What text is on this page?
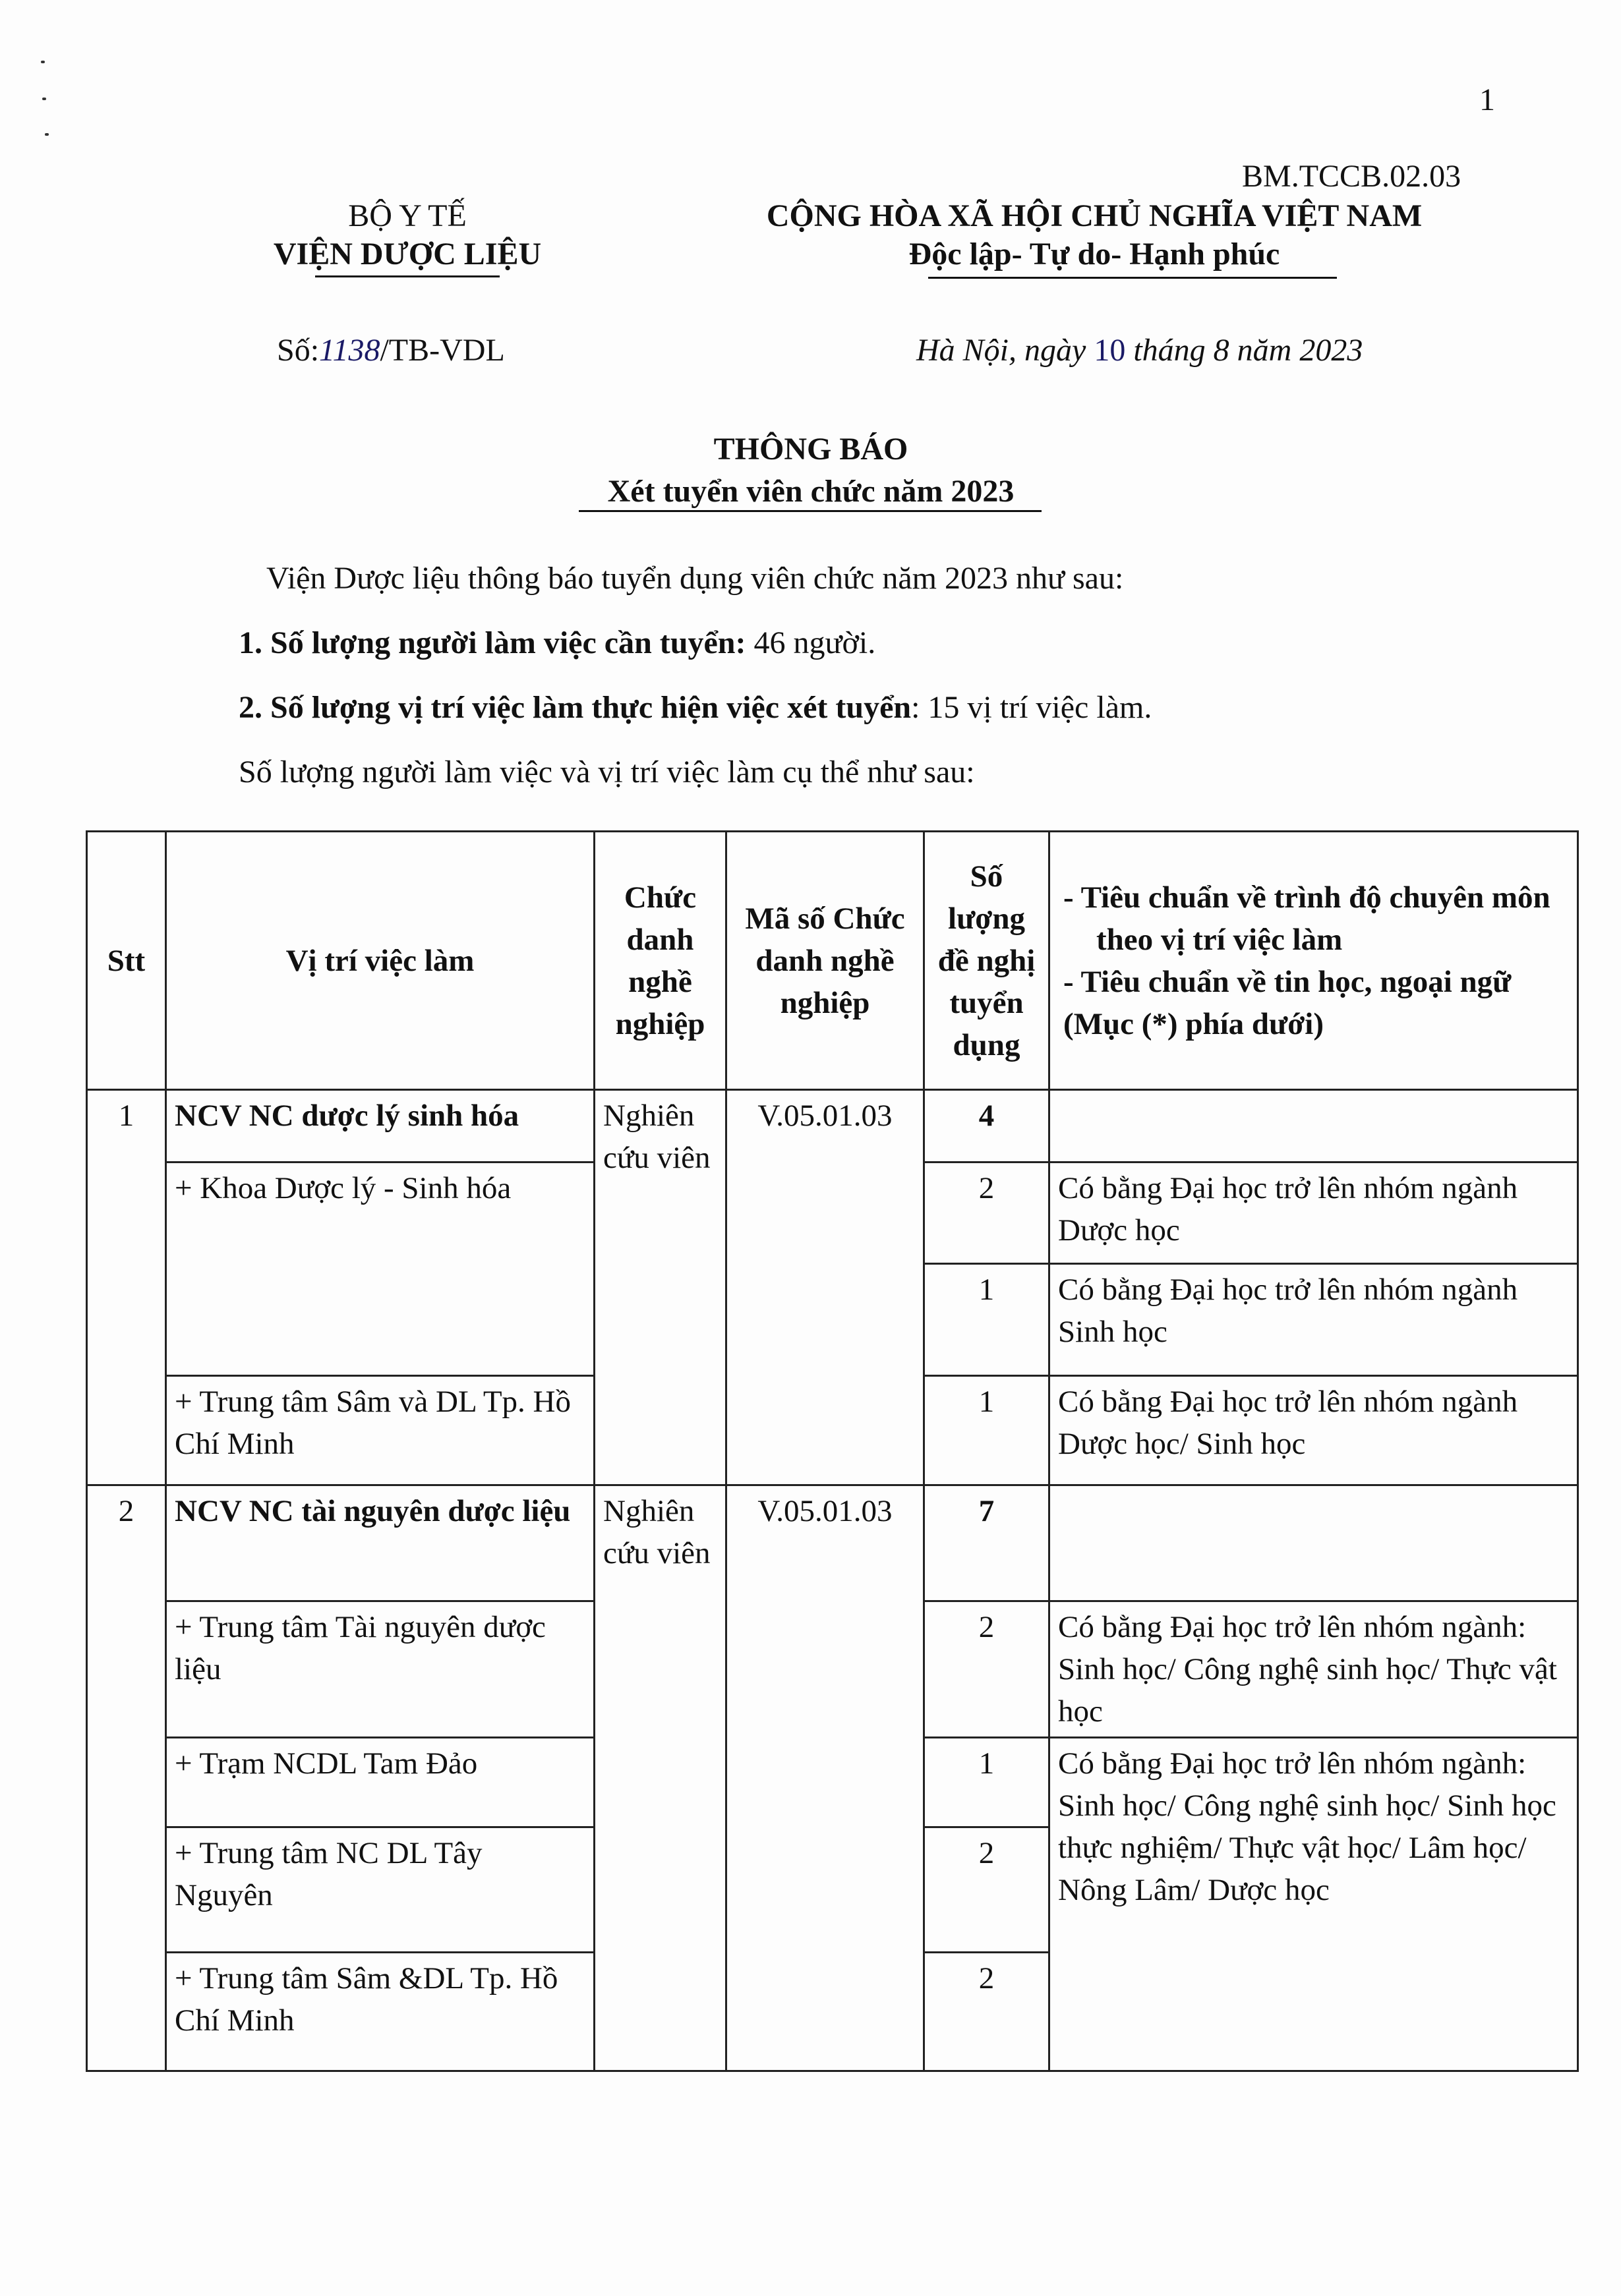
1
BM.TCCB.02.03
BỘ Y TẾ
VIỆN DƯỢC LIỆU
CỘNG HÒA XÃ HỘI CHỦ NGHĨA VIỆT NAM
Độc lập- Tự do- Hạnh phúc
Số:1138/TB-VDL	Hà Nội, ngày 10 tháng 8 năm 2023
THÔNG BÁO
Xét tuyển viên chức năm 2023
Viện Dược liệu thông báo tuyển dụng viên chức năm 2023 như sau:
1. Số lượng người làm việc cần tuyển: 46 người.
2. Số lượng vị trí việc làm thực hiện việc xét tuyển: 15 vị trí việc làm.
Số lượng người làm việc và vị trí việc làm cụ thể như sau:
Stt	Vị trí việc làm	Chức danh nghề nghiệp	Mã số Chức danh nghề nghiệp	Số lượng đề nghị tuyển dụng	- Tiêu chuẩn về trình độ chuyên môn theo vị trí việc làm
- Tiêu chuẩn về tin học, ngoại ngữ (Mục (*) phía dưới)

1	NCV NC dược lý sinh hóa	Nghiên cứu viên	V.05.01.03	4	
	+ Khoa Dược lý - Sinh hóa			2	Có bằng Đại học trở lên nhóm ngành Dược học
				1	Có bằng Đại học trở lên nhóm ngành Sinh học
	+ Trung tâm Sâm và DL Tp. Hồ Chí Minh			1	Có bằng Đại học trở lên nhóm ngành Dược học/ Sinh học
2	NCV NC tài nguyên dược liệu	Nghiên cứu viên	V.05.01.03	7	
	+ Trung tâm Tài nguyên dược liệu			2	Có bằng Đại học trở lên nhóm ngành: Sinh học/ Công nghệ sinh học/ Thực vật học
	+ Trạm NCDL Tam Đảo			1	Có bằng Đại học trở lên nhóm ngành: Sinh học/ Công nghệ sinh học/ Sinh học thực nghiệm/ Thực vật học/ Lâm học/ Nông Lâm/ Dược học
	+ Trung tâm NC DL Tây Nguyên			2	
	+ Trung tâm Sâm &DL Tp. Hồ Chí Minh			2	
